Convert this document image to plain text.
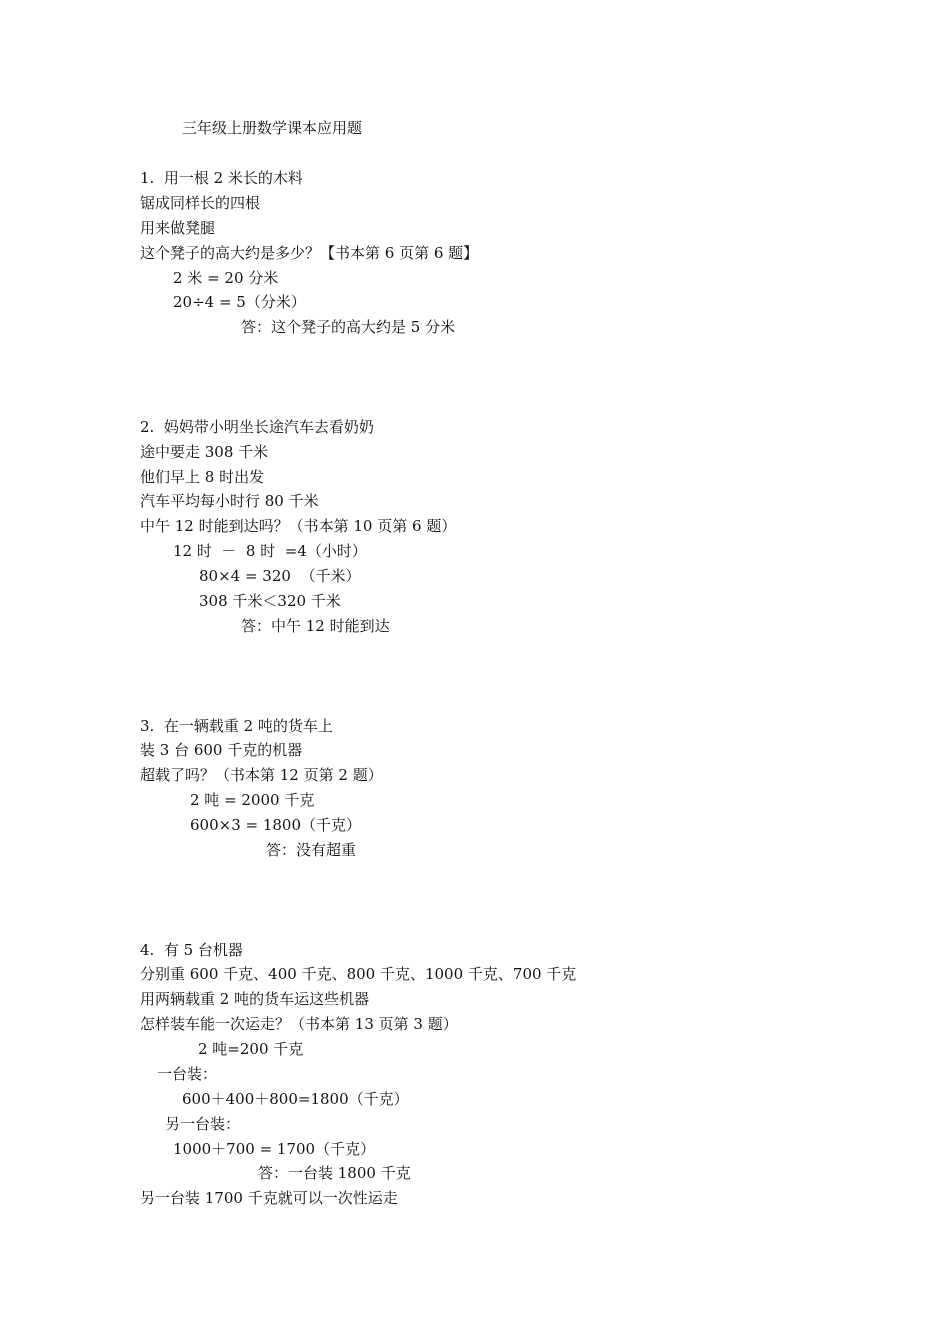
三年级上册数学课本应用题
1.  用一根 2 米长的木料
锯成同样长的四根
用来做凳腿
这个凳子的高大约是多少？【书本第 6 页第 6 题】
2 米 = 20 分米
20÷4 = 5（分米）
答：这个凳子的高大约是 5 分米
2.  妈妈带小明坐长途汽车去看奶奶
途中要走 308 千米
他们早上 8 时出发
汽车平均每小时行 80 千米
中午 12 时能到达吗？（书本第 10 页第 6 题）
12 时  －  8 时  =4（小时）
80×4 = 320  （千米）
308 千米＜320 千米
答：中午 12 时能到达
3.  在一辆载重 2 吨的货车上
装 3 台 600 千克的机器
超载了吗？（书本第 12 页第 2 题）
2 吨 = 2000 千克
600×3 = 1800（千克）
答：没有超重
4.  有 5 台机器
分别重 600 千克、400 千克、800 千克、1000 千克、700 千克
用两辆载重 2 吨的货车运这些机器
怎样装车能一次运走？（书本第 13 页第 3 题）
2 吨=200 千克
一台装：
600＋400＋800=1800（千克）
另一台装：
1000＋700 = 1700（千克）
答：一台装 1800 千克
另一台装 1700 千克就可以一次性运走
